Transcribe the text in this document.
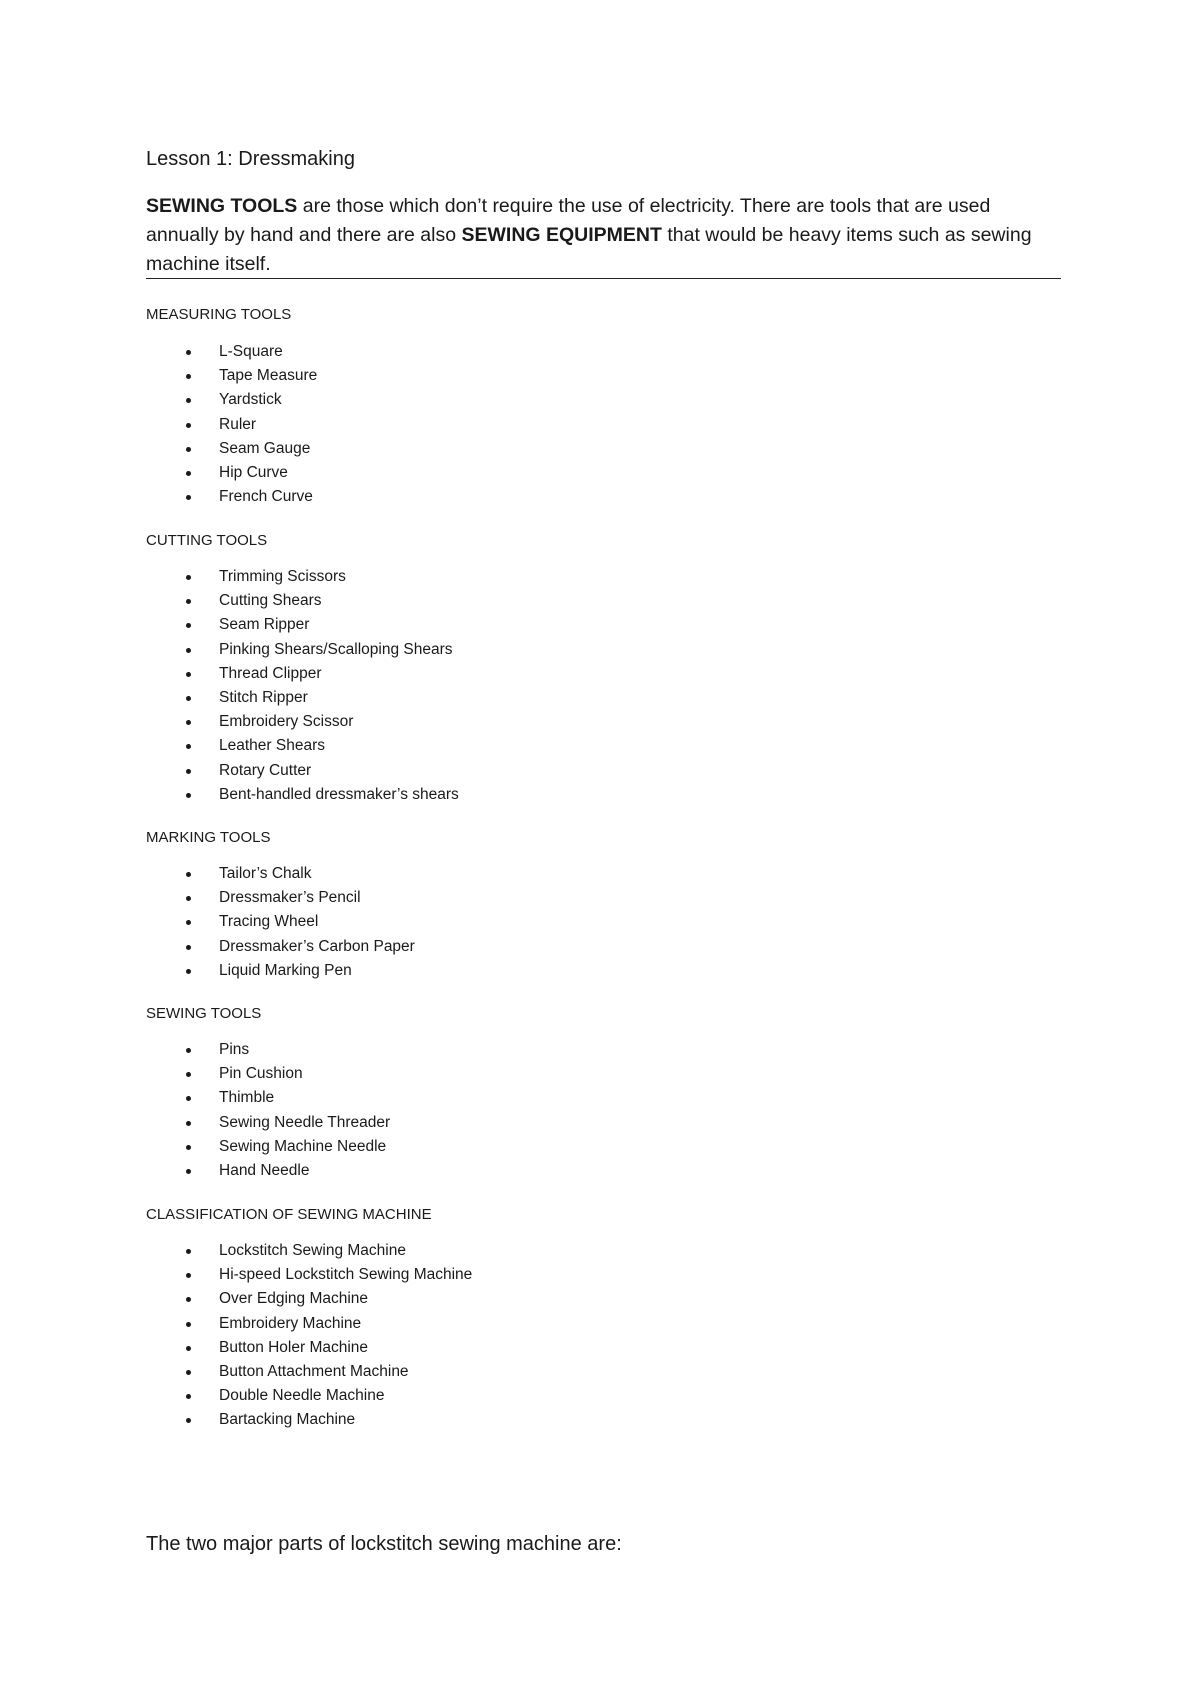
Lesson 1: Dressmaking

SEWING TOOLS are those which don’t require the use of electricity. There are tools that are used annually by hand and there are also SEWING EQUIPMENT that would be heavy items such as sewing machine itself.

MEASURING TOOLS
L-Square
Tape Measure
Yardstick
Ruler
Seam Gauge
Hip Curve
French Curve
CUTTING TOOLS
Trimming Scissors
Cutting Shears
Seam Ripper
Pinking Shears/Scalloping Shears
Thread Clipper
Stitch Ripper
Embroidery Scissor
Leather Shears
Rotary Cutter
Bent-handled dressmaker’s shears
MARKING TOOLS
Tailor’s Chalk
Dressmaker’s Pencil
Tracing Wheel
Dressmaker’s Carbon Paper
Liquid Marking Pen
SEWING TOOLS
Pins
Pin Cushion
Thimble
Sewing Needle Threader
Sewing Machine Needle
Hand Needle
CLASSIFICATION OF SEWING MACHINE
Lockstitch Sewing Machine
Hi-speed Lockstitch Sewing Machine
Over Edging Machine
Embroidery Machine
Button Holer Machine
Button Attachment Machine
Double Needle Machine
Bartacking Machine
The two major parts of lockstitch sewing machine are:
